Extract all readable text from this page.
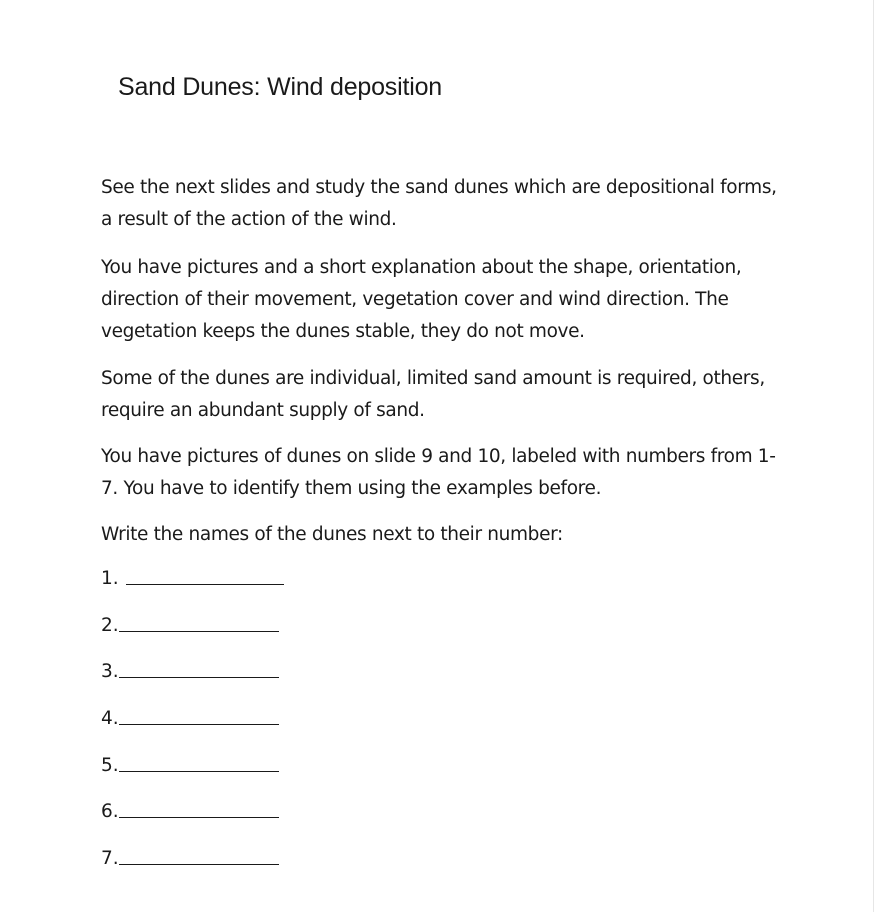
Sand Dunes: Wind deposition

See the next slides and study the sand dunes which are depositional forms, a result of the action of the wind.

You have pictures and a short explanation about the shape, orientation, direction of their movement, vegetation cover and wind direction. The vegetation keeps the dunes stable, they do not move.

Some of the dunes are individual, limited sand amount is required, others, require an abundant supply of sand.

You have pictures of dunes on slide 9 and 10, labeled with numbers from 1-7. You have to identify them using the examples before.

Write the names of the dunes next to their number:

1.
2.
3.
4.
5.
6.
7.
